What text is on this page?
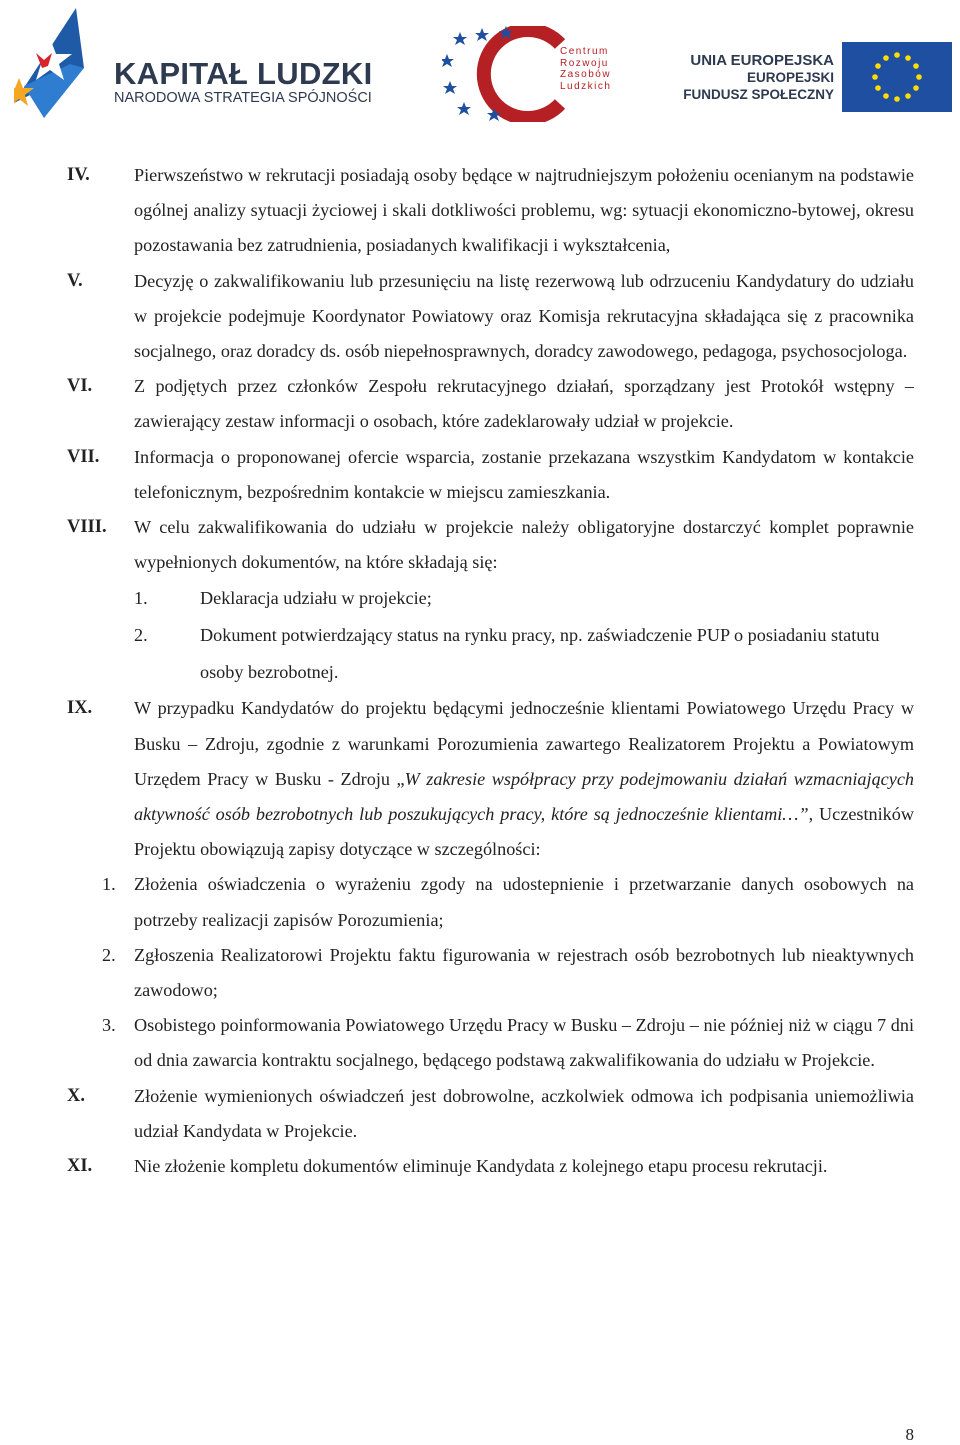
KAPITAŁ LUDZKI
NARODOWA STRATEGIA SPÓJNOŚCI
Centrum
Rozwoju
Zasobów
Ludzkich
UNIA EUROPEJSKA
EUROPEJSKI
FUNDUSZ SPOŁECZNY
IV. Pierwszeństwo w rekrutacji posiadają osoby będące w najtrudniejszym położeniu ocenianym na podstawie ogólnej analizy sytuacji życiowej i skali dotkliwości problemu, wg: sytuacji ekonomiczno-bytowej, okresu pozostawania bez zatrudnienia, posiadanych kwalifikacji i wykształcenia,
V.	Decyzję o zakwalifikowaniu lub przesunięciu na listę rezerwową lub odrzuceniu Kandydatury do udziału w projekcie podejmuje Koordynator Powiatowy oraz Komisja rekrutacyjna składająca się z pracownika socjalnego, oraz doradcy ds. osób niepełnosprawnych, doradcy zawodowego, pedagoga, psychosocjologa.
VI. Z podjętych przez członków Zespołu rekrutacyjnego działań, sporządzany jest Protokół wstępny – zawierający zestaw informacji o osobach, które zadeklarowały udział w projekcie.
VII. Informacja o proponowanej ofercie wsparcia, zostanie przekazana wszystkim Kandydatom w kontakcie telefonicznym, bezpośrednim kontakcie w miejscu zamieszkania.
VIII. W celu zakwalifikowania do udziału w projekcie należy obligatoryjne dostarczyć komplet poprawnie wypełnionych dokumentów, na które składają się:
1.	Deklaracja udziału w projekcie;
2.	Dokument potwierdzający status na rynku pracy, np. zaświadczenie PUP o posiadaniu statutu osoby bezrobotnej.
IX. W przypadku Kandydatów do projektu będącymi jednocześnie klientami Powiatowego Urzędu Pracy w Busku – Zdroju, zgodnie z warunkami Porozumienia zawartego Realizatorem Projektu a Powiatowym Urzędem Pracy w Busku - Zdroju „W zakresie współpracy przy podejmowaniu działań wzmacniających aktywność osób bezrobotnych lub poszukujących pracy, które są jednocześnie klientami…”, Uczestników Projektu obowiązują zapisy dotyczące w szczególności:
1. Złożenia oświadczenia o wyrażeniu zgody na udostepnienie i przetwarzanie danych osobowych na potrzeby realizacji zapisów Porozumienia;
2. Zgłoszenia Realizatorowi Projektu faktu figurowania w rejestrach osób bezrobotnych lub nieaktywnych zawodowo;
3. Osobistego poinformowania Powiatowego Urzędu Pracy w Busku – Zdroju – nie później niż w ciągu 7 dni od dnia zawarcia kontraktu socjalnego, będącego podstawą zakwalifikowania do udziału w Projekcie.
X.	Złożenie wymienionych oświadczeń jest dobrowolne, aczkolwiek odmowa ich podpisania uniemożliwia udział Kandydata w Projekcie.
XI. Nie złożenie kompletu dokumentów eliminuje Kandydata z kolejnego etapu procesu rekrutacji.
8
